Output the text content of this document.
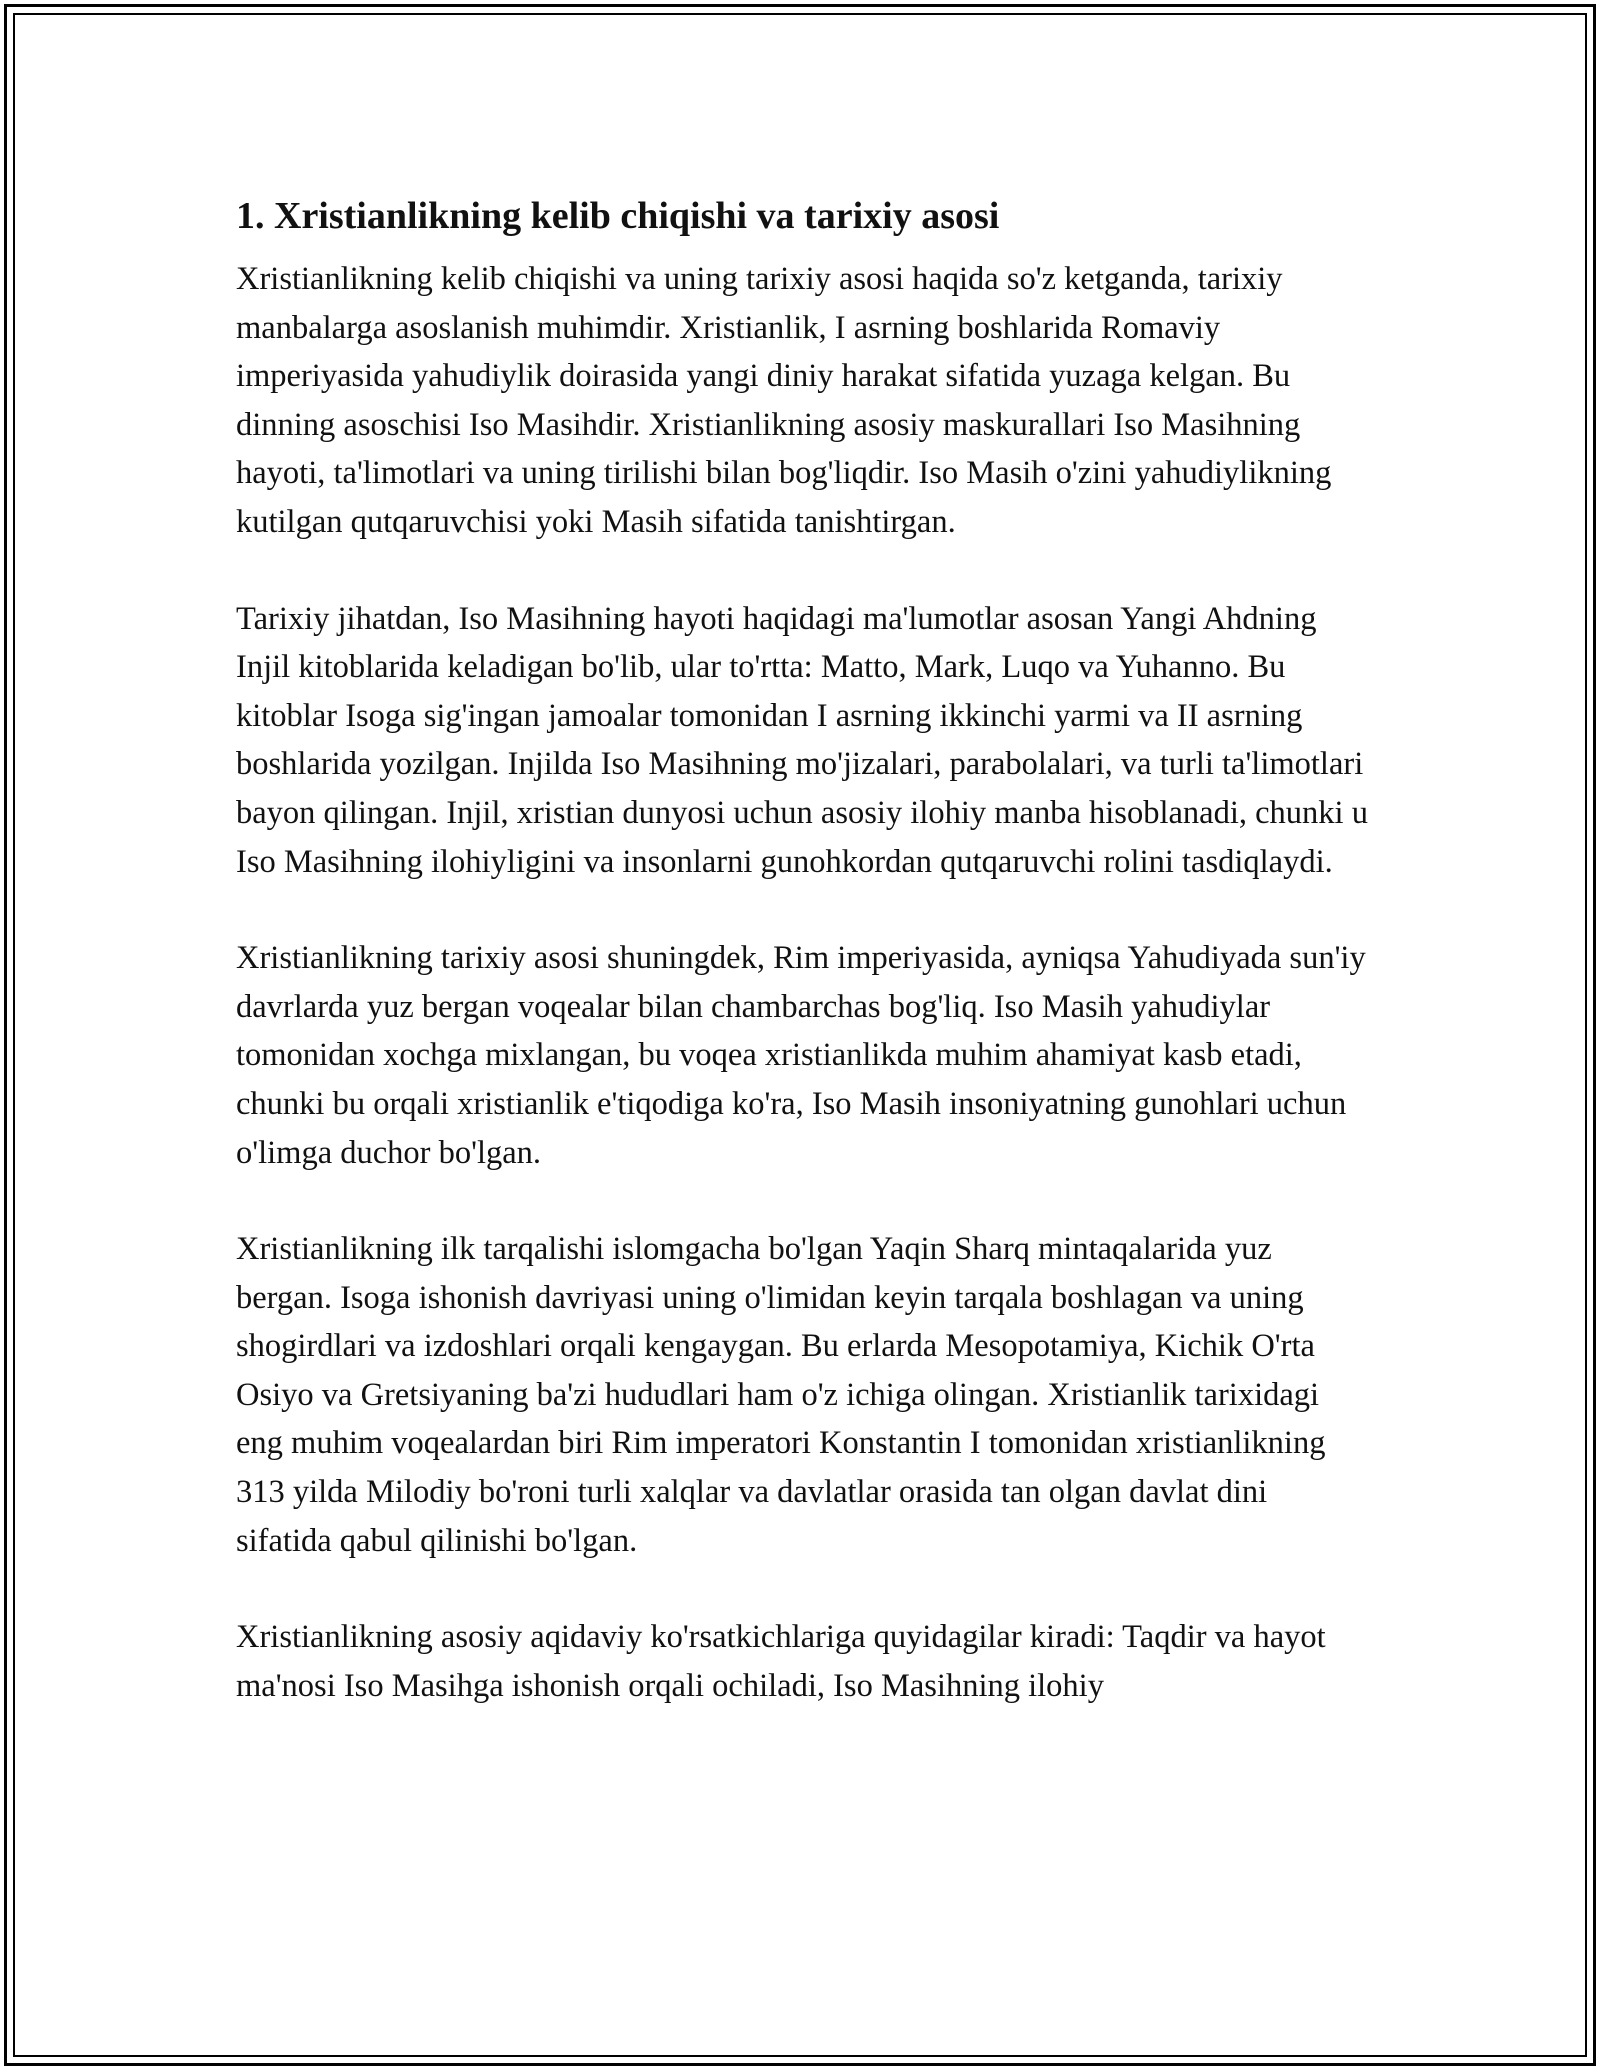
1. Xristianlikning kelib chiqishi va tarixiy asosi

Xristianlikning kelib chiqishi va uning tarixiy asosi haqida so'z ketganda, tarixiy manbalarga asoslanish muhimdir. Xristianlik, I asrning boshlarida Romaviy imperiyasida yahudiylik doirasida yangi diniy harakat sifatida yuzaga kelgan. Bu dinning asoschisi Iso Masihdir. Xristianlikning asosiy maskurallari Iso Masihning hayoti, ta'limotlari va uning tirilishi bilan bog'liqdir. Iso Masih o'zini yahudiylikning kutilgan qutqaruvchisi yoki Masih sifatida tanishtirgan.

Tarixiy jihatdan, Iso Masihning hayoti haqidagi ma'lumotlar asosan Yangi Ahdning Injil kitoblarida keladigan bo'lib, ular to'rtta: Matto, Mark, Luqo va Yuhanno. Bu kitoblar Isoga sig'ingan jamoalar tomonidan I asrning ikkinchi yarmi va II asrning boshlarida yozilgan. Injilda Iso Masihning mo'jizalari, parabolalari, va turli ta'limotlari bayon qilingan. Injil, xristian dunyosi uchun asosiy ilohiy manba hisoblanadi, chunki u Iso Masihning ilohiyligini va insonlarni gunohkordan qutqaruvchi rolini tasdiqlaydi.

Xristianlikning tarixiy asosi shuningdek, Rim imperiyasida, ayniqsa Yahudiyada sun'iy davrlarda yuz bergan voqealar bilan chambarchas bog'liq. Iso Masih yahudiylar tomonidan xochga mixlangan, bu voqea xristianlikda muhim ahamiyat kasb etadi, chunki bu orqali xristianlik e'tiqodiga ko'ra, Iso Masih insoniyatning gunohlari uchun o'limga duchor bo'lgan.

Xristianlikning ilk tarqalishi islomgacha bo'lgan Yaqin Sharq mintaqalarida yuz bergan. Isoga ishonish davriyasi uning o'limidan keyin tarqala boshlagan va uning shogirdlari va izdoshlari orqali kengaygan. Bu erlarda Mesopotamiya, Kichik O'rta Osiyo va Gretsiyaning ba'zi hududlari ham o'z ichiga olingan. Xristianlik tarixidagi eng muhim voqealardan biri Rim imperatori Konstantin I tomonidan xristianlikning 313 yilda Milodiy bo'roni turli xalqlar va davlatlar orasida tan olgan davlat dini sifatida qabul qilinishi bo'lgan.

Xristianlikning asosiy aqidaviy ko'rsatkichlariga quyidagilar kiradi: Taqdir va hayot ma'nosi Iso Masihga ishonish orqali ochiladi, Iso Masihning ilohiy
